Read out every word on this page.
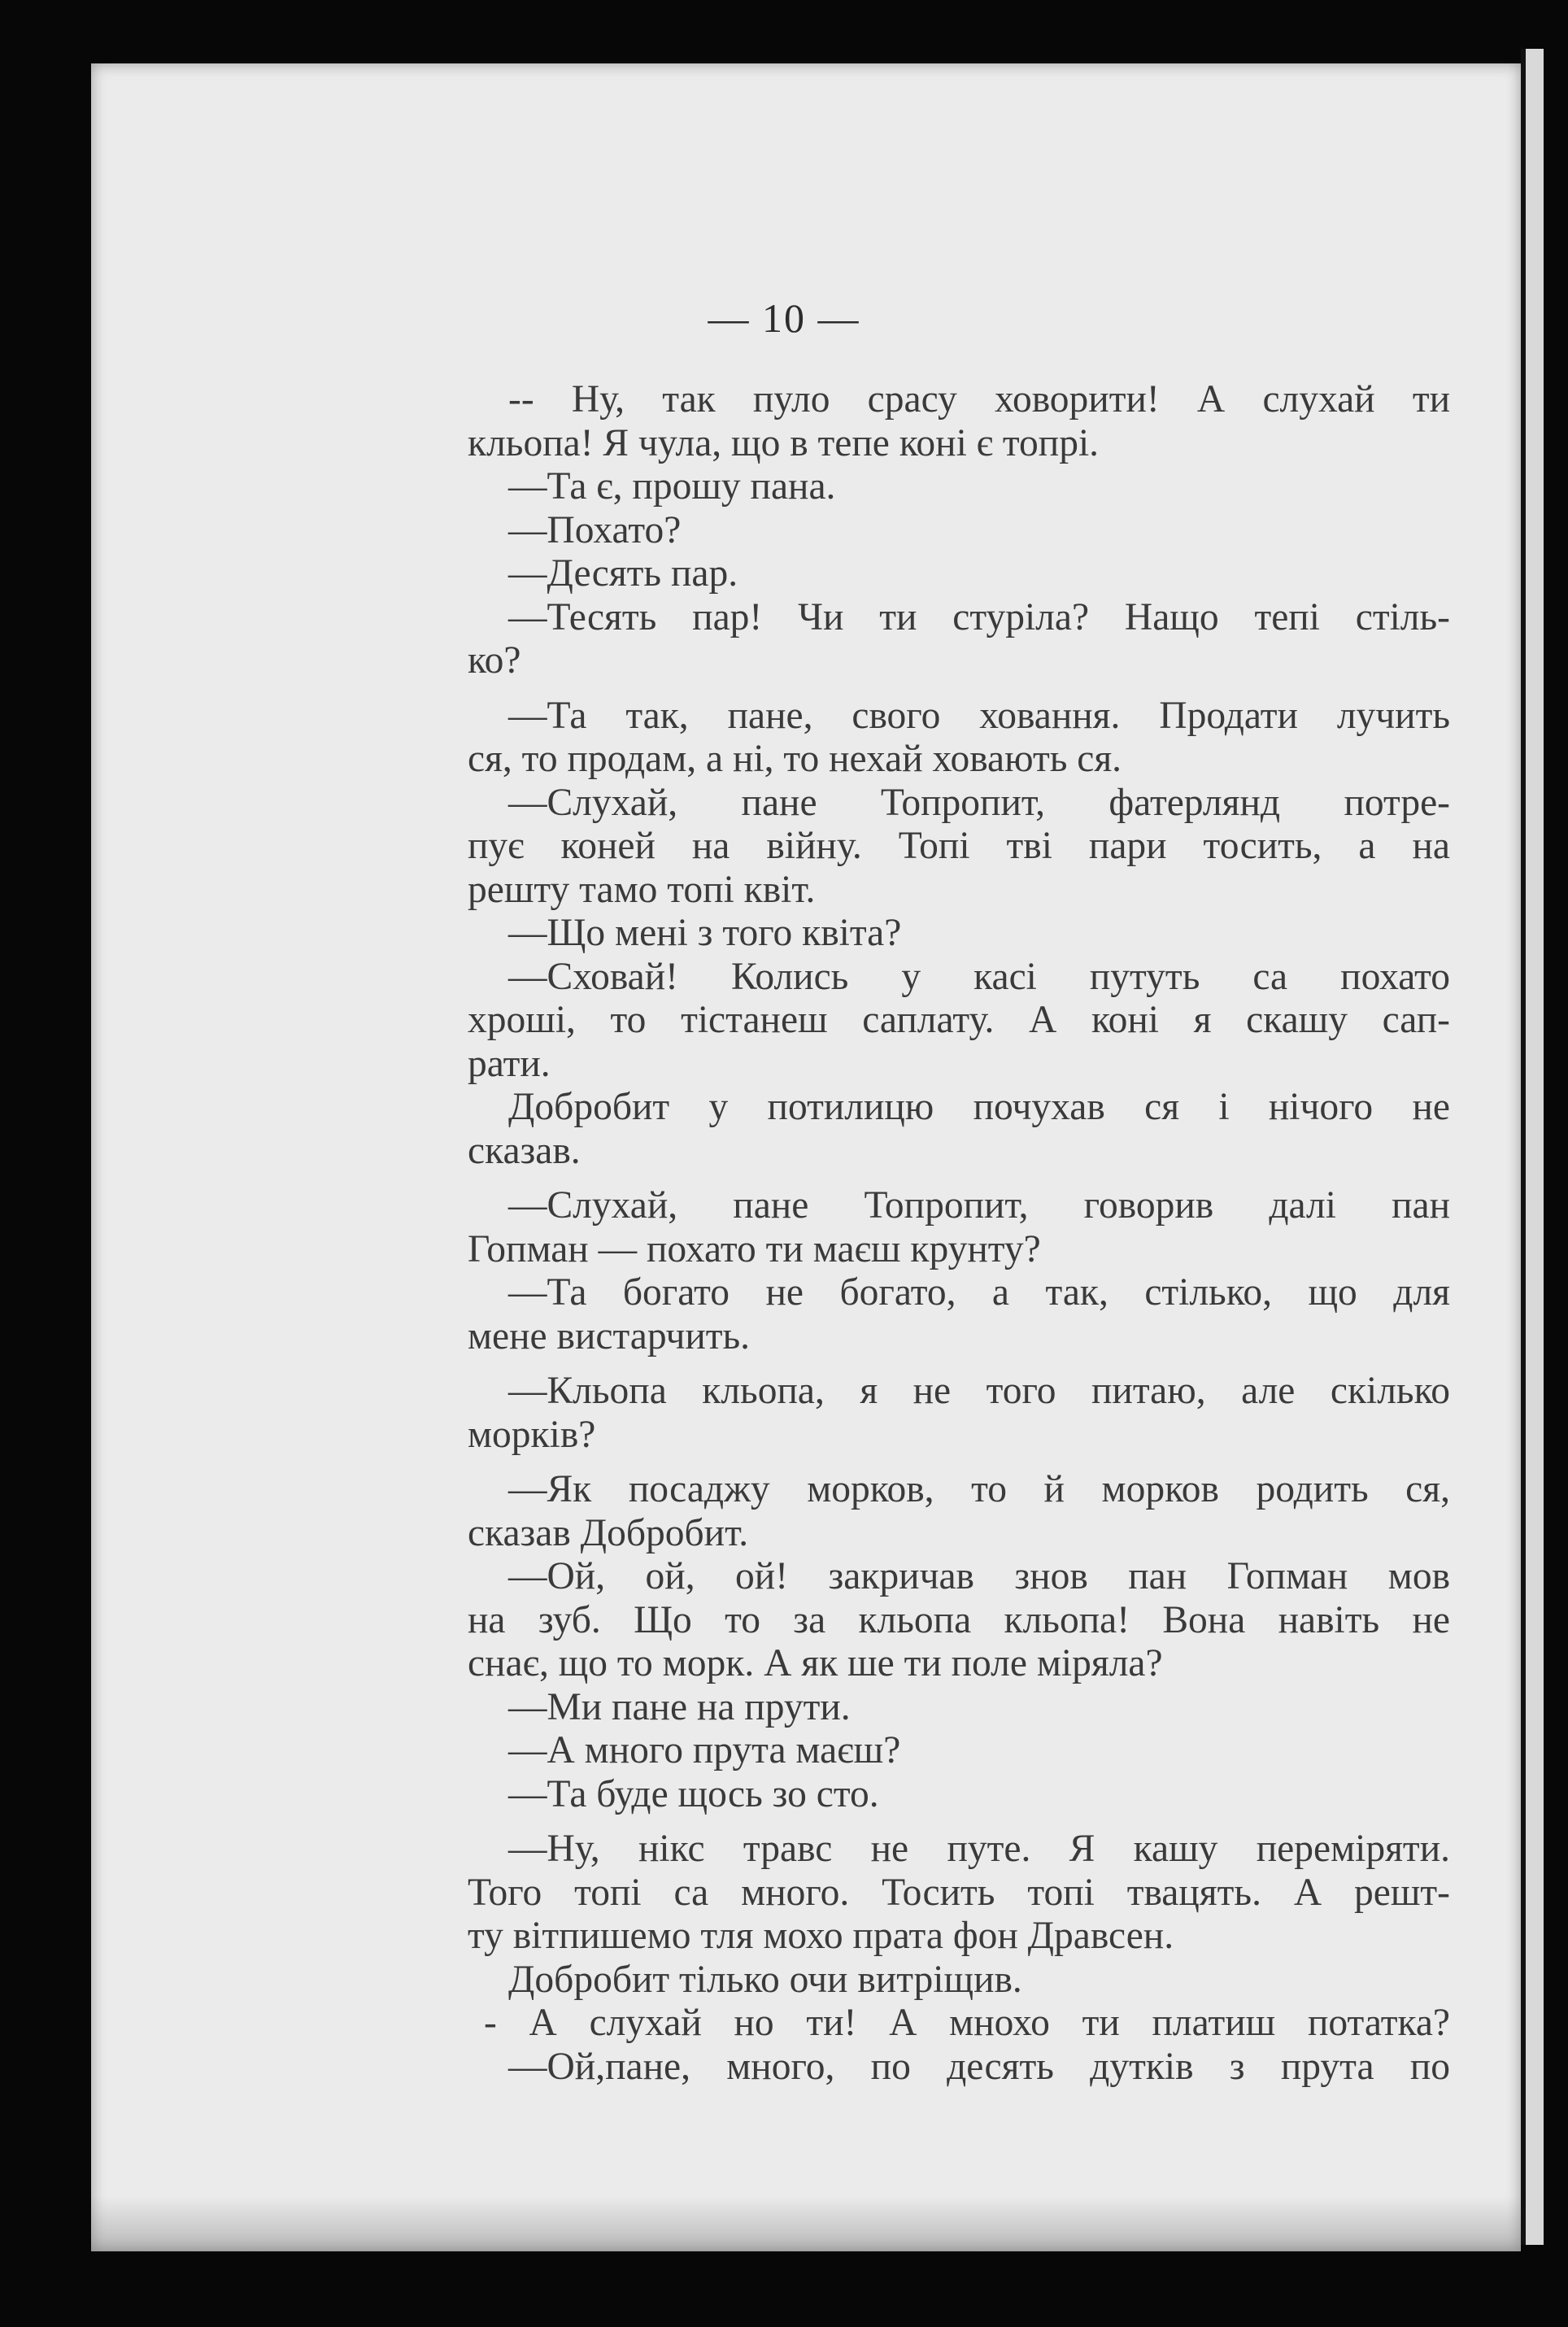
— 10 —
-- Ну, так пуло срасу ховорити! А слухай ти
кльопа! Я чула, що в тепе коні є топрі.
—Та є, прошу пана.
—Похато?
—Десять пар.
—Тесять пар! Чи ти стуріла? Нащо тепі стіль-
ко?
—Та так, пане, свого ховання. Продати лучить
ся, то продам, а ні, то нехай ховають ся.
—Слухай, пане Топропит, фатерлянд потре-
пує коней на війну. Топі тві пари тосить, а на
решту тамо топі квіт.
—Що мені з того квіта?
—Сховай! Колись у касі путуть са похато
хроші, то тістанеш саплату. А коні я скашу сап-
рати.
Добробит у потилицю почухав ся і нічого не
сказав.
—Слухай, пане Топропит, говорив далі пан
Гопман — похато ти маєш крунту?
—Та богато не богато, а так, стілько, що для
мене вистарчить.
—Кльопа кльопа, я не того питаю, але скілько
морків?
—Як посаджу морков, то й морков родить ся,
сказав Добробит.
—Ой, ой, ой! закричав знов пан Гопман мов
на зуб. Що то за кльопа кльопа! Вона навіть не
снає, що то морк. А як ше ти поле міряла?
—Ми пане на прути.
—А много прута маєш?
—Та буде щось зо сто.
—Ну, нікс травс не путе. Я кашу переміряти.
Того топі са много. Тосить топі твацять. А решт-
ту вітпишемо тля мохо прата фон Дравсен.
Добробит тілько очи витріщив.
- А слухай но ти! А мнохо ти платиш потатка?
—Ой,пане, много, по десять дутків з прута по
